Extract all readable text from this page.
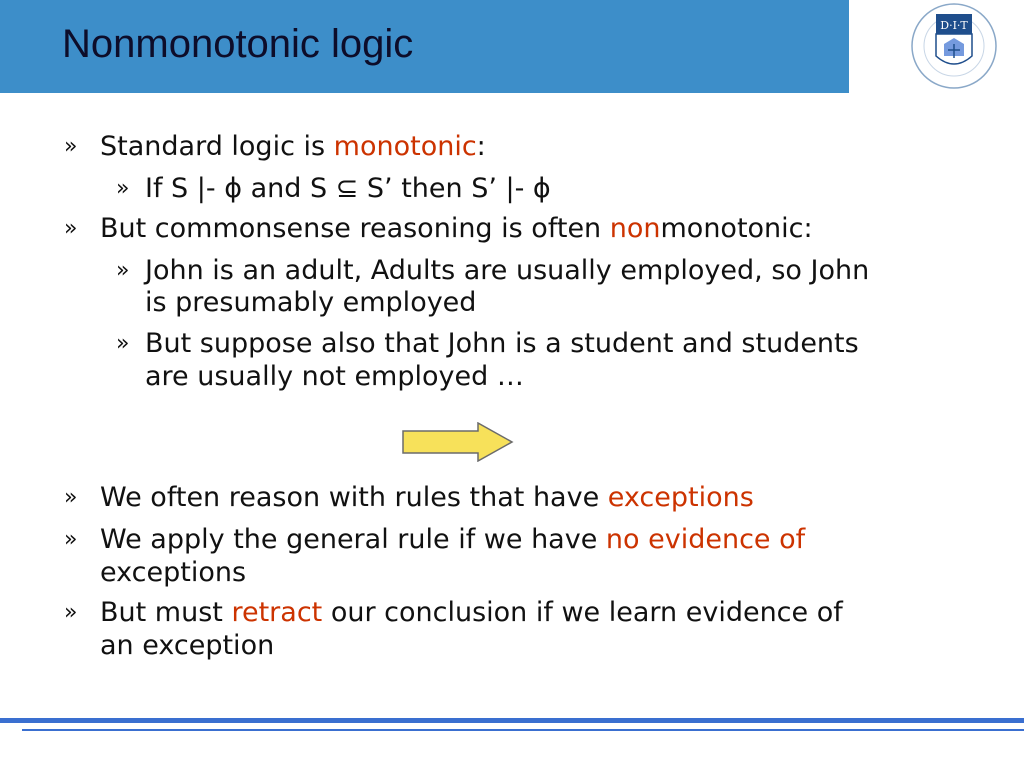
Nonmonotonic logic	D·I·T
» Standard logic is monotonic:
» If S |- ϕ and S ⊆ S’ then S’ |- ϕ
» But commonsense reasoning is often nonmonotonic:
» John is an adult, Adults are usually employed, so John
is presumably employed
» But suppose also that John is a student and students
are usually not employed …
» We often reason with rules that have exceptions
» We apply the general rule if we have no evidence of
exceptions
» But must retract our conclusion if we learn evidence of
an exception
